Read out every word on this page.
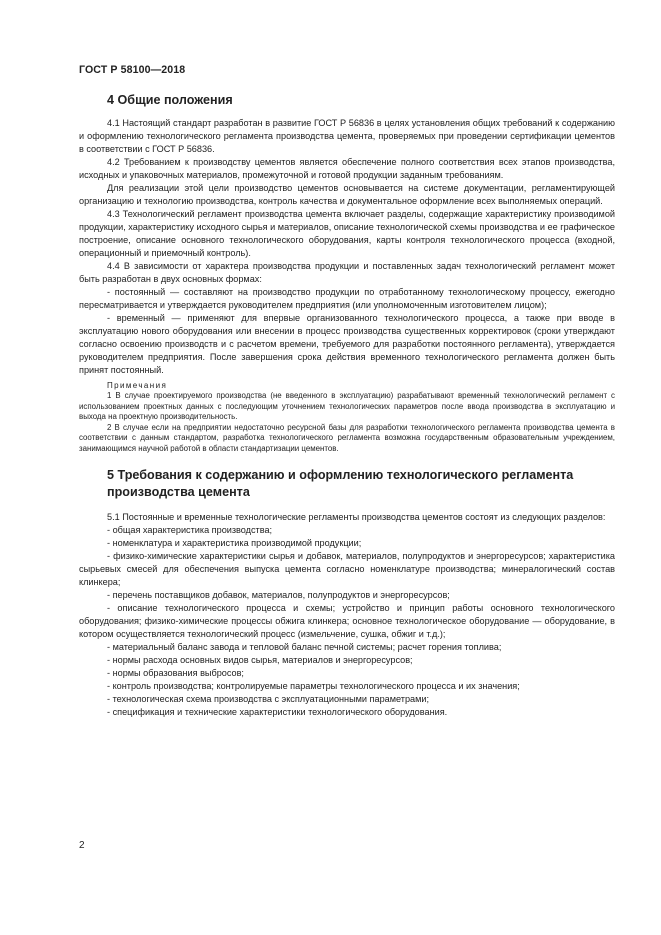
ГОСТ Р 58100—2018
4 Общие положения

4.1 Настоящий стандарт разработан в развитие ГОСТ Р 56836 в целях установления общих требований к содержанию и оформлению технологического регламента производства цемента, проверяемых при проведении сертификации цементов в соответствии с ГОСТ Р 56836.

4.2 Требованием к производству цементов является обеспечение полного соответствия всех этапов производства, исходных и упаковочных материалов, промежуточной и готовой продукции заданным требованиям.

Для реализации этой цели производство цементов основывается на системе документации, регламентирующей организацию и технологию производства, контроль качества и документальное оформление всех выполняемых операций.

4.3 Технологический регламент производства цемента включает разделы, содержащие характеристику производимой продукции, характеристику исходного сырья и материалов, описание технологической схемы производства и ее графическое построение, описание основного технологического оборудования, карты контроля технологического процесса (входной, операционный и приемочный контроль).

4.4 В зависимости от характера производства продукции и поставленных задач технологический регламент может быть разработан в двух основных формах:

- постоянный — составляют на производство продукции по отработанному технологическому процессу, ежегодно пересматривается и утверждается руководителем предприятия (или уполномоченным изготовителем лицом);

- временный — применяют для впервые организованного технологического процесса, а также при вводе в эксплуатацию нового оборудования или внесении в процесс производства существенных корректировок (сроки утверждают согласно освоению производств и с расчетом времени, требуемого для разработки постоянного регламента), утверждается руководителем предприятия. После завершения срока действия временного технологического регламента должен быть принят постоянный.

Примечания

1 В случае проектируемого производства (не введенного в эксплуатацию) разрабатывают временный технологический регламент с использованием проектных данных с последующим уточнением технологических параметров после ввода производства в эксплуатацию и выхода на проектную производительность.

2 В случае если на предприятии недостаточно ресурсной базы для разработки технологического регламента производства цемента в соответствии с данным стандартом, разработка технологического регламента возможна государственным образовательным учреждением, занимающимся научной работой в области стандартизации цементов.

5 Требования к содержанию и оформлению технологического регламента производства цемента

5.1 Постоянные и временные технологические регламенты производства цементов состоят из следующих разделов:

- общая характеристика производства;

- номенклатура и характеристика производимой продукции;

- физико-химические характеристики сырья и добавок, материалов, полупродуктов и энергоресурсов; характеристика сырьевых смесей для обеспечения выпуска цемента согласно номенклатуре производства; минералогический состав клинкера;

- перечень поставщиков добавок, материалов, полупродуктов и энергоресурсов;

- описание технологического процесса и схемы; устройство и принцип работы основного технологического оборудования; физико-химические процессы обжига клинкера; основное технологическое оборудование — оборудование, в котором осуществляется технологический процесс (измельчение, сушка, обжиг и т.д.);

- материальный баланс завода и тепловой баланс печной системы; расчет горения топлива;

- нормы расхода основных видов сырья, материалов и энергоресурсов;

- нормы образования выбросов;

- контроль производства; контролируемые параметры технологического процесса и их значения;

- технологическая схема производства с эксплуатационными параметрами;

- спецификация и технические характеристики технологического оборудования.

2
